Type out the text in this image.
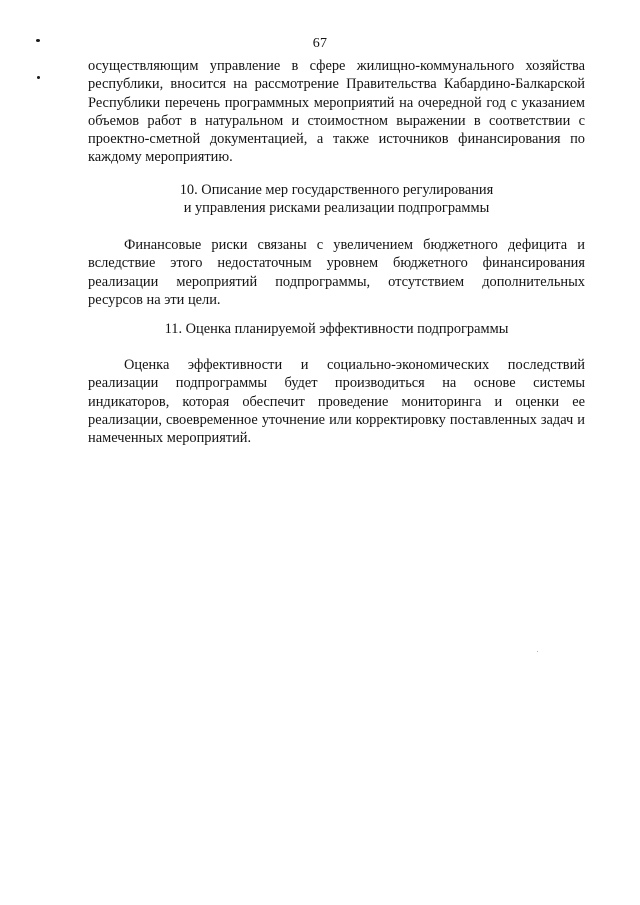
67

осуществляющим управление в сфере жилищно-коммунального хозяйства республики, вносится на рассмотрение Правительства Кабардино-Балкарской Республики перечень программных мероприятий на очередной год с указанием объемов работ в натуральном и стоимостном выражении в соответствии с проектно-сметной документацией, а также источников финансирования по каждому мероприятию.

10. Описание мер государственного регулирования
и управления рисками реализации подпрограммы

Финансовые риски связаны с увеличением бюджетного дефицита и вследствие этого недостаточным уровнем бюджетного финансирования реализации мероприятий подпрограммы, отсутствием дополнительных ресурсов на эти цели.

11. Оценка планируемой эффективности подпрограммы

Оценка эффективности и социально-экономических последствий реализации подпрограммы будет производиться на основе системы индикаторов, которая обеспечит проведение мониторинга и оценки ее реализации, своевременное уточнение или корректировку поставленных задач и намеченных мероприятий.
